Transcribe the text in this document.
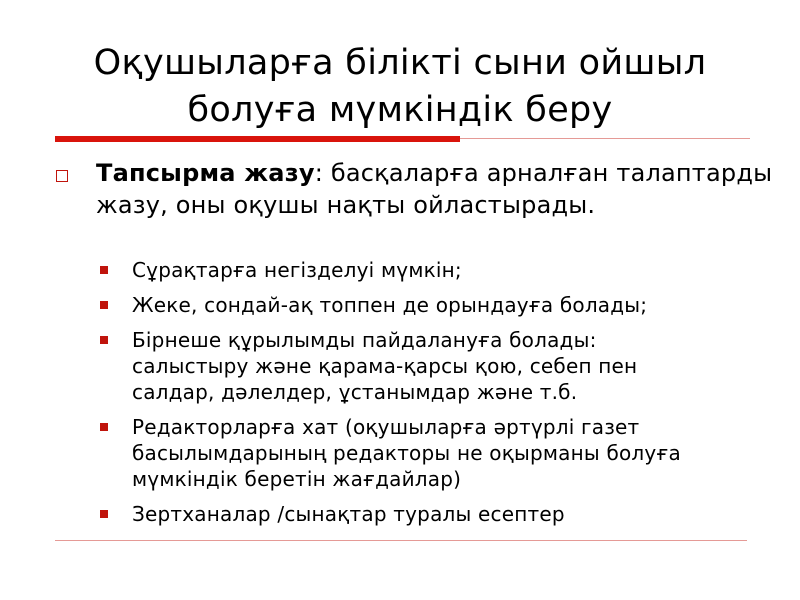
Оқушыларға білікті сыни ойшыл
болуға мүмкіндік беру
Тапсырма жазу: басқаларға арналған талаптарды жазу, оны оқушы нақты ойластырады.
Сұрақтарға негізделуі мүмкін;
Жеке, сондай-ақ топпен де орындауға болады;
Бірнеше құрылымды пайдалануға болады:
салыстыру және қарама-қарсы қою, себеп пен
салдар, дәлелдер, ұстанымдар және т.б.
Редакторларға хат (оқушыларға әртүрлі газет
басылымдарының редакторы не оқырманы болуға
мүмкіндік беретін жағдайлар)
Зертханалар /сынақтар туралы есептер
